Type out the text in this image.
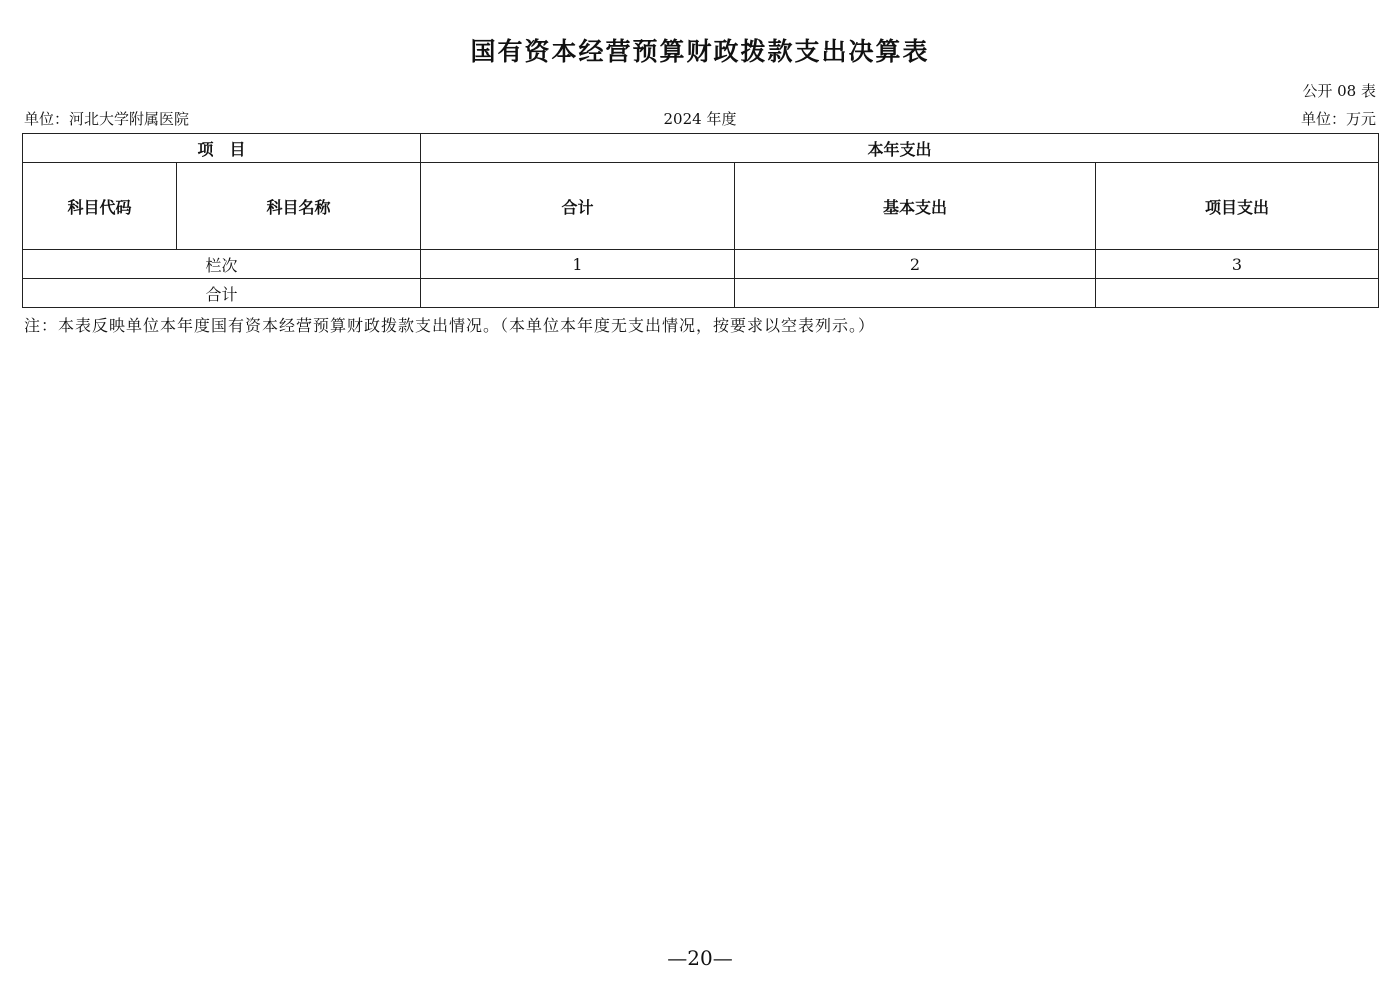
国有资本经营预算财政拨款支出决算表
公开 08 表
单位：河北大学附属医院	2024 年度	单位：万元
项　目		本年支出		
科目代码	科目名称	合计	基本支出	项目支出
栏次		1	2	3
合计				
注：本表反映单位本年度国有资本经营预算财政拨款支出情况。（本单位本年度无支出情况，按要求以空表列示。）
—20—
